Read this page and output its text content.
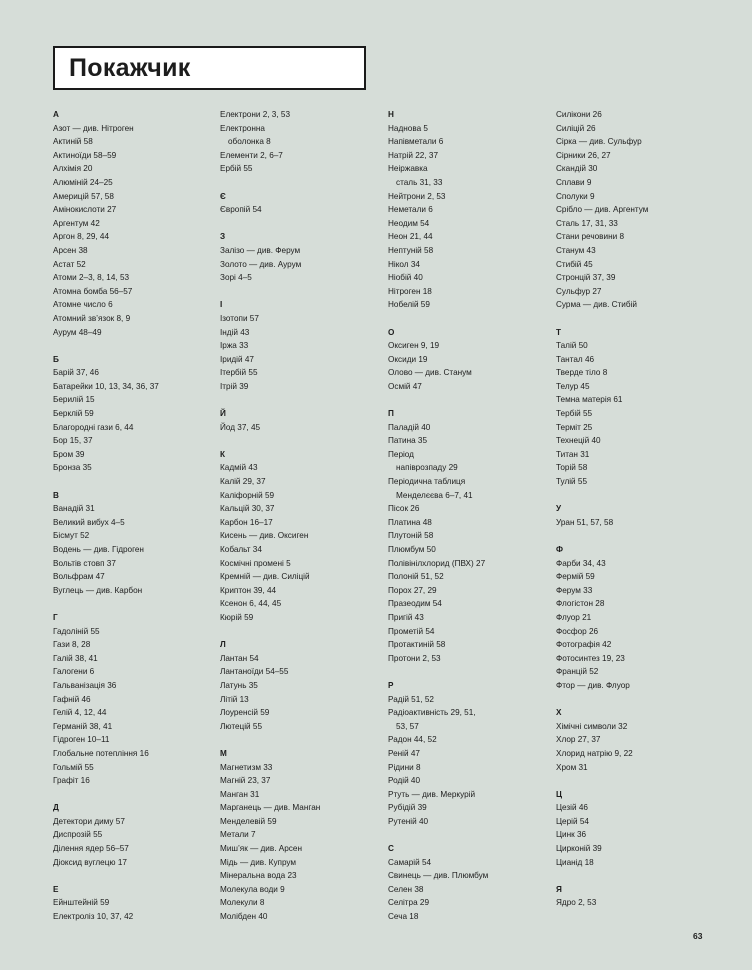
Покажчик
А
Азот — див. Нітроген
Актиній 58
Актиноїди 58–59
Алхімія 20
Алюміній 24–25
Америцій 57, 58
Амінокислоти 27
Аргентум 42
Аргон 8, 29, 44
Арсен 38
Астат 52
Атоми 2–3, 8, 14, 53
Атомна бомба 56–57
Атомне число 6
Атомний зв’язок 8, 9
Аурум 48–49
Б
Барій 37, 46
Батарейки 10, 13, 34, 36, 37
Берилій 15
Берклій 59
Благородні гази 6, 44
Бор 15, 37
Бром 39
Бронза 35
В
Ванадій 31
Великий вибух 4–5
Бісмут 52
Водень — див. Гідроген
Вольтів стовп 37
Вольфрам 47
Вуглець — див. Карбон
Г
Гадоліній 55
Гази 8, 28
Галій 38, 41
Галогени 6
Гальванізація 36
Гафній 46
Гелій 4, 12, 44
Германій 38, 41
Гідроген 10–11
Глобальне потепління 16
Гольмій 55
Графіт 16
Д
Детектори диму 57
Диспрозій 55
Ділення ядер 56–57
Діоксид вуглецю 17
Е
Ейнштейній 59
Електроліз 10, 37, 42
Електрони 2, 3, 53
Електронна
оболонка 8
Елементи 2, 6–7
Ербій 55
Є
Європій 54
З
Залізо — див. Ферум
Золото — див. Аурум
Зорі 4–5
І
Ізотопи 57
Індій 43
Іржа 33
Іридій 47
Ітербій 55
Ітрій 39
Й
Йод 37, 45
К
Кадмій 43
Калій 29, 37
Каліфорній 59
Кальцій 30, 37
Карбон 16–17
Кисень — див. Оксиген
Кобальт 34
Космічні промені 5
Кремній — див. Силіцій
Криптон 39, 44
Ксенон 6, 44, 45
Кюрій 59
Л
Лантан 54
Лантаноїди 54–55
Латунь 35
Літій 13
Лоуренсій 59
Лютецій 55
М
Магнетизм 33
Магній 23, 37
Манган 31
Марганець — див. Манган
Менделевій 59
Метали 7
Миш’як — див. Арсен
Мідь — див. Купрум
Мінеральна вода 23
Молекула води 9
Молекули 8
Молібден 40
Н
Наднова 5
Напівметали 6
Натрій 22, 37
Неіржавка
сталь 31, 33
Нейтрони 2, 53
Неметали 6
Неодим 54
Неон 21, 44
Нептуній 58
Нікол 34
Ніобій 40
Нітроген 18
Нобелій 59
О
Оксиген 9, 19
Оксиди 19
Олово — див. Станум
Осмій 47
П
Паладій 40
Патина 35
Період
напіврозпаду 29
Періодична таблиця
Менделєєва 6–7, 41
Пісок 26
Платина 48
Плутоній 58
Плюмбум 50
Полівінілхлорид (ПВХ) 27
Полоній 51, 52
Порох 27, 29
Празеодим 54
Пригій 43
Прометій 54
Протактиній 58
Протони 2, 53
Р
Радій 51, 52
Радіоактивність 29, 51,
53, 57
Радон 44, 52
Реній 47
Рідини 8
Родій 40
Ртуть — див. Меркурій
Рубідій 39
Рутеній 40
С
Самарій 54
Свинець — див. Плюмбум
Селен 38
Селітра 29
Сеча 18
Силікони 26
Силіцій 26
Сірка — див. Сульфур
Сірники 26, 27
Скандій 30
Сплави 9
Сполуки 9
Срібло — див. Аргентум
Сталь 17, 31, 33
Стани речовини 8
Станум 43
Стибій 45
Стронцій 37, 39
Сульфур 27
Сурма — див. Стибій
Т
Талій 50
Тантал 46
Тверде тіло 8
Телур 45
Темна матерія 61
Тербій 55
Терміт 25
Технецій 40
Титан 31
Торій 58
Тулій 55
У
Уран 51, 57, 58
Ф
Фарби 34, 43
Фермій 59
Ферум 33
Флогістон 28
Флуор 21
Фосфор 26
Фотографія 42
Фотосинтез 19, 23
Францій 52
Фтор — див. Флуор
Х
Хімічні символи 32
Хлор 27, 37
Хлорид натрію 9, 22
Хром 31
Ц
Цезій 46
Церій 54
Цинк 36
Цирконій 39
Цианід 18
Я
Ядро 2, 53
63
